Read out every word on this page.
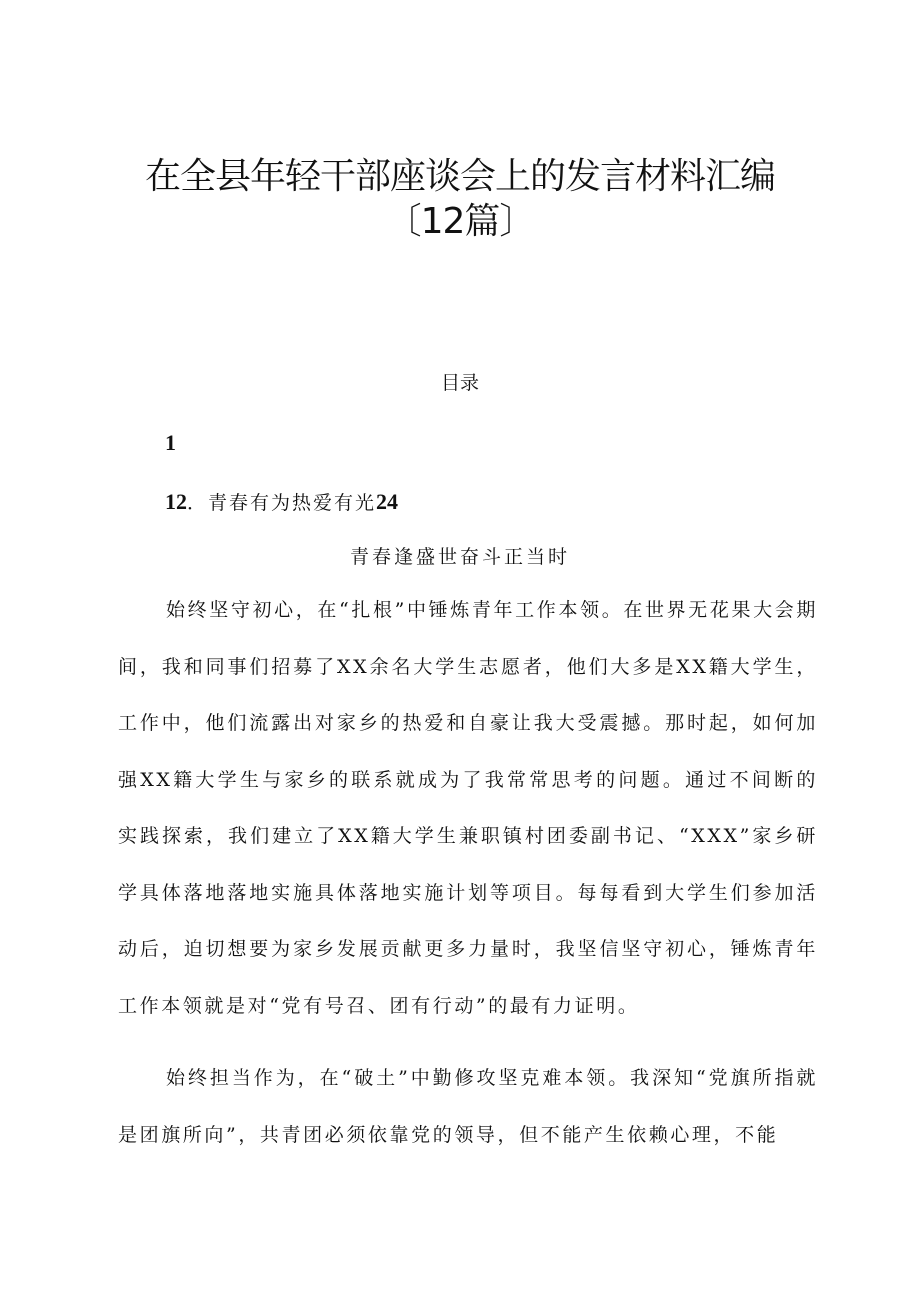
在全县年轻干部座谈会上的发言材料汇编
〔12篇〕
目录
1
12．青春有为热爱有光24
青春逢盛世奋斗正当时

始终坚守初心，在“扎根”中锤炼青年工作本领。在世界无花果大会期间，我和同事们招募了XX余名大学生志愿者，他们大多是XX籍大学生，工作中，他们流露出对家乡的热爱和自豪让我大受震撼。那时起，如何加强XX籍大学生与家乡的联系就成为了我常常思考的问题。通过不间断的实践探索，我们建立了XX籍大学生兼职镇村团委副书记、“XXX”家乡研学具体落地落地实施具体落地实施计划等项目。每每看到大学生们参加活动后，迫切想要为家乡发展贡献更多力量时，我坚信坚守初心，锤炼青年工作本领就是对“党有号召、团有行动”的最有力证明。

始终担当作为，在“破土”中勤修攻坚克难本领。我深知“党旗所指就是团旗所向”，共青团必须依靠党的领导，但不能产生依赖心理，不能
